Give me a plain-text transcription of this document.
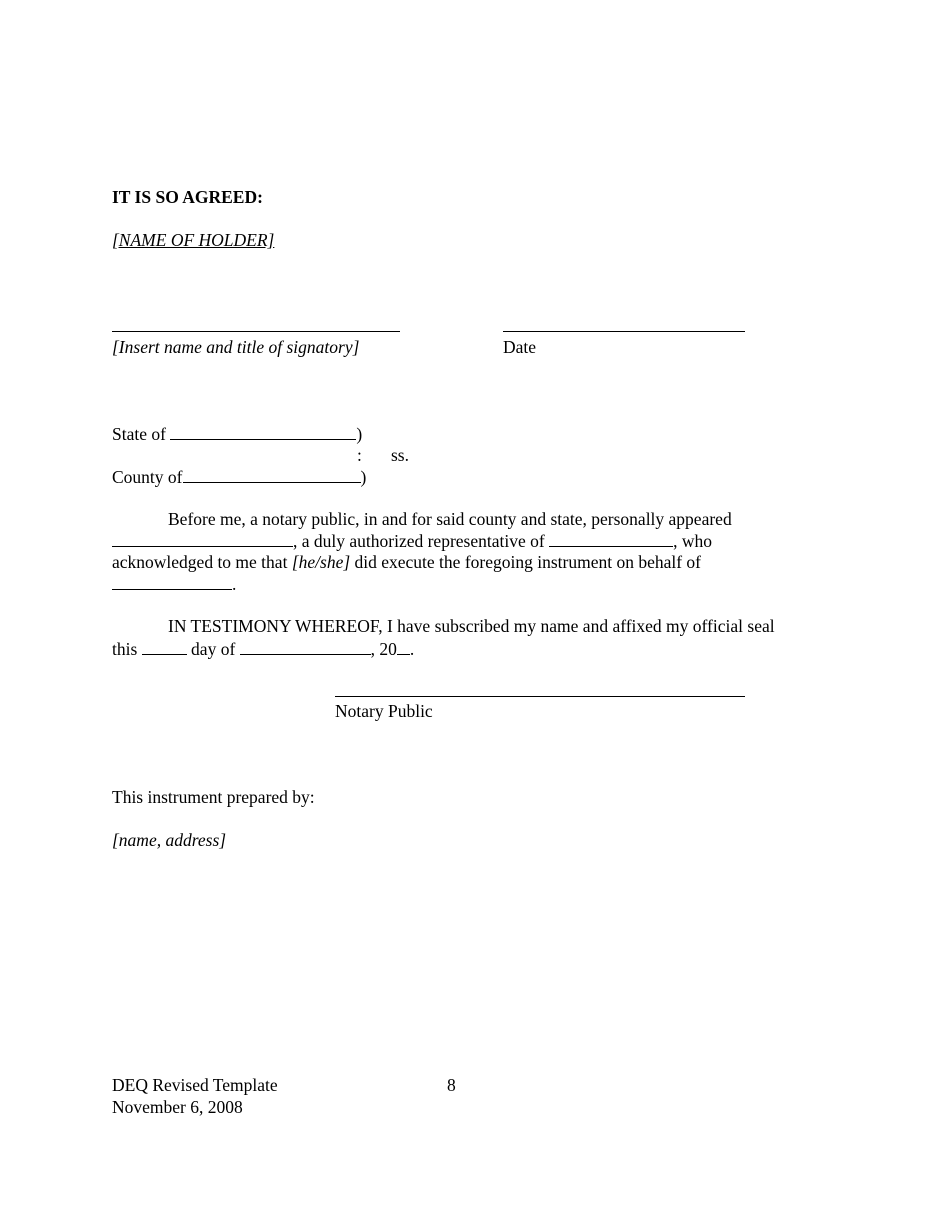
IT IS SO AGREED:
[NAME OF HOLDER]
[Insert name and title of signatory]	Date
State of	)
: ss.
County of	)
Before me, a notary public, in and for said county and state, personally appeared
, a duly authorized representative of	, who
acknowledged to me that [he/she] did execute the foregoing instrument on behalf of
.
IN TESTIMONY WHEREOF, I have subscribed my name and affixed my official seal
this	day of	, 20 .
Notary Public
This instrument prepared by:
[name, address]
DEQ Revised Template	8
November 6, 2008
